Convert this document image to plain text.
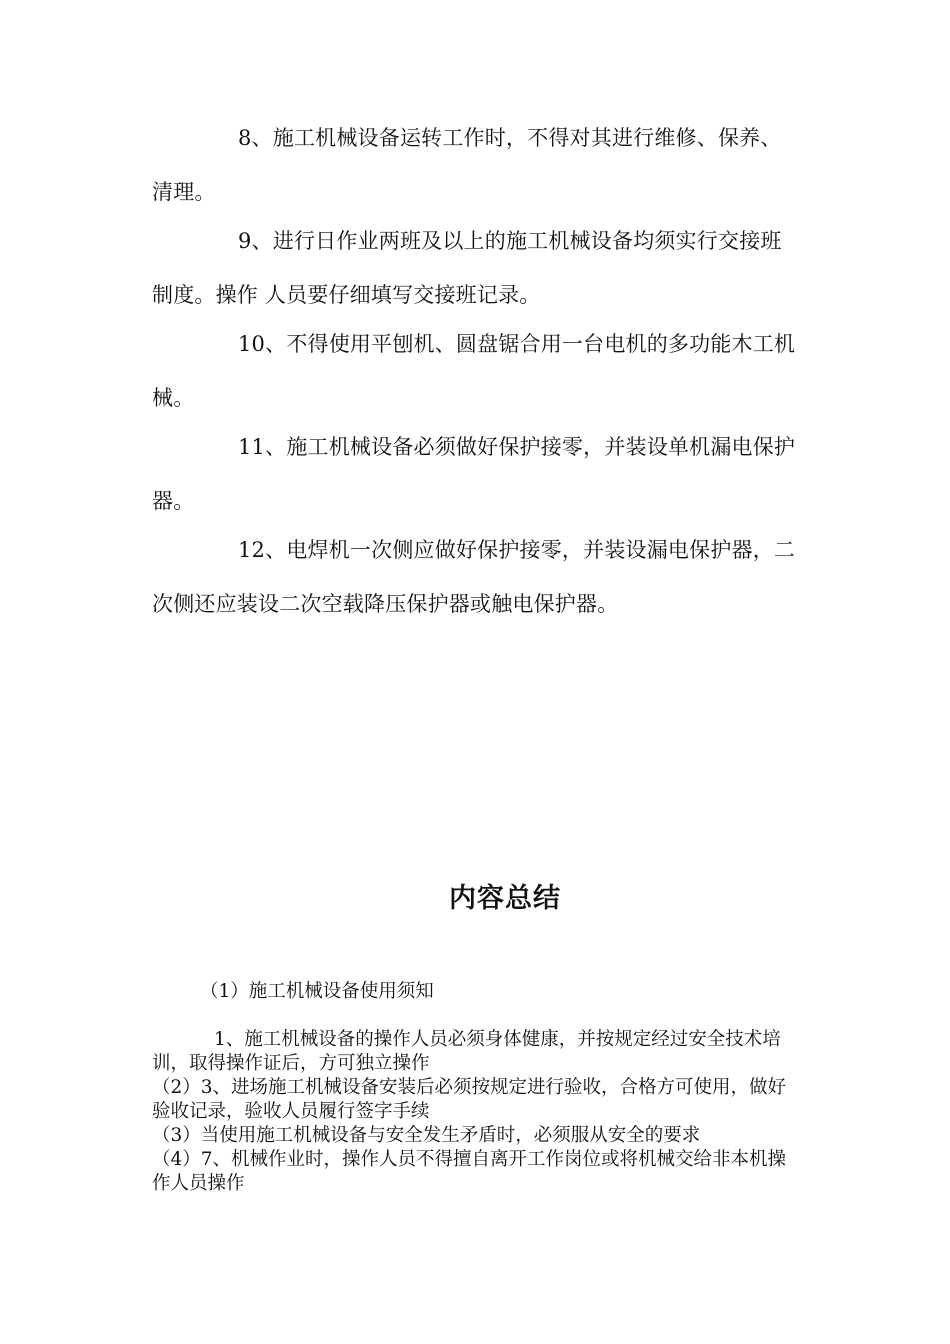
8、施工机械设备运转工作时，不得对其进行维修、保养、清理。

9、进行日作业两班及以上的施工机械设备均须实行交接班制度。操作 人员要仔细填写交接班记录。

10、不得使用平刨机、圆盘锯合用一台电机的多功能木工机械。

11、施工机械设备必须做好保护接零，并装设单机漏电保护器。

12、电焊机一次侧应做好保护接零，并装设漏电保护器，二次侧还应装设二次空载降压保护器或触电保护器。

内容总结

（1）施工机械设备使用须知

1、施工机械设备的操作人员必须身体健康，并按规定经过安全技术培训，取得操作证后，方可独立操作

（2）3、进场施工机械设备安装后必须按规定进行验收，合格方可使用，做好验收记录，验收人员履行签字手续

（3）当使用施工机械设备与安全发生矛盾时，必须服从安全的要求

（4）7、机械作业时，操作人员不得擅自离开工作岗位或将机械交给非本机操作人员操作
